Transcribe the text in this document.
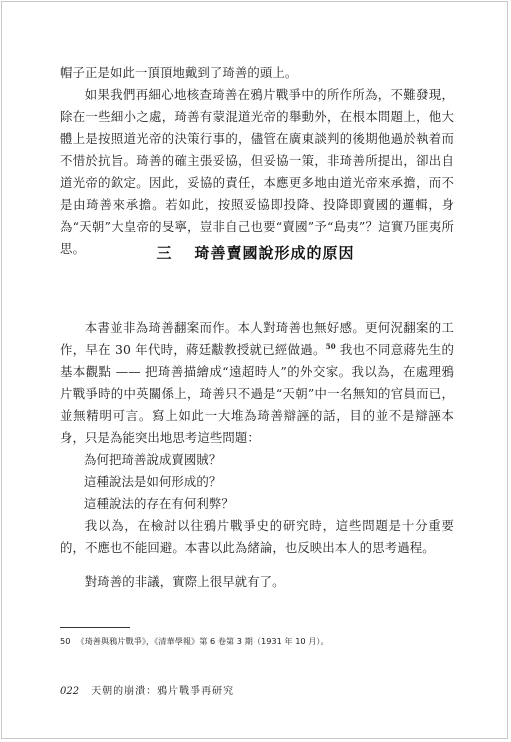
帽子正是如此一頂頂地戴到了琦善的頭上。

如果我們再細心地核查琦善在鴉片戰爭中的所作所為，不難發現，除在一些細小之處，琦善有蒙混道光帝的舉動外，在根本問題上，他大體上是按照道光帝的決策行事的，儘管在廣東談判的後期他過於執着而不惜於抗旨。琦善的確主張妥協，但妥協一策，非琦善所提出，卻出自道光帝的欽定。因此，妥協的責任，本應更多地由道光帝來承擔，而不是由琦善來承擔。若如此，按照妥協即投降、投降即賣國的邏輯，身為“天朝”大皇帝的旻寧，豈非自己也要“賣國”予“島夷”？這實乃匪夷所思。	三 琦善賣國說形成的原因

本書並非為琦善翻案而作。本人對琦善也無好感。更何況翻案的工作，早在 30 年代時，蔣廷黻教授就已經做過。$^{50}$ 我也不同意蔣先生的基本觀點 —— 把琦善描繪成“遠超時人”的外交家。我以為，在處理鴉片戰爭時的中英關係上，琦善只不過是“天朝”中一名無知的官員而已，並無精明可言。寫上如此一大堆為琦善辯誣的話，目的並不是辯誣本身，只是為能突出地思考這些問題：

為何把琦善說成賣國賊？

這種說法是如何形成的？

這種說法的存在有何利弊？

我以為，在檢討以往鴉片戰爭史的研究時，這些問題是十分重要的，不應也不能回避。本書以此為緒論，也反映出本人的思考過程。

對琦善的非議，實際上很早就有了。

50 《琦善與鴉片戰爭》，《清華學報》第 6 卷第 3 期（1931 年 10 月）。
022 天朝的崩潰：鴉片戰爭再研究
